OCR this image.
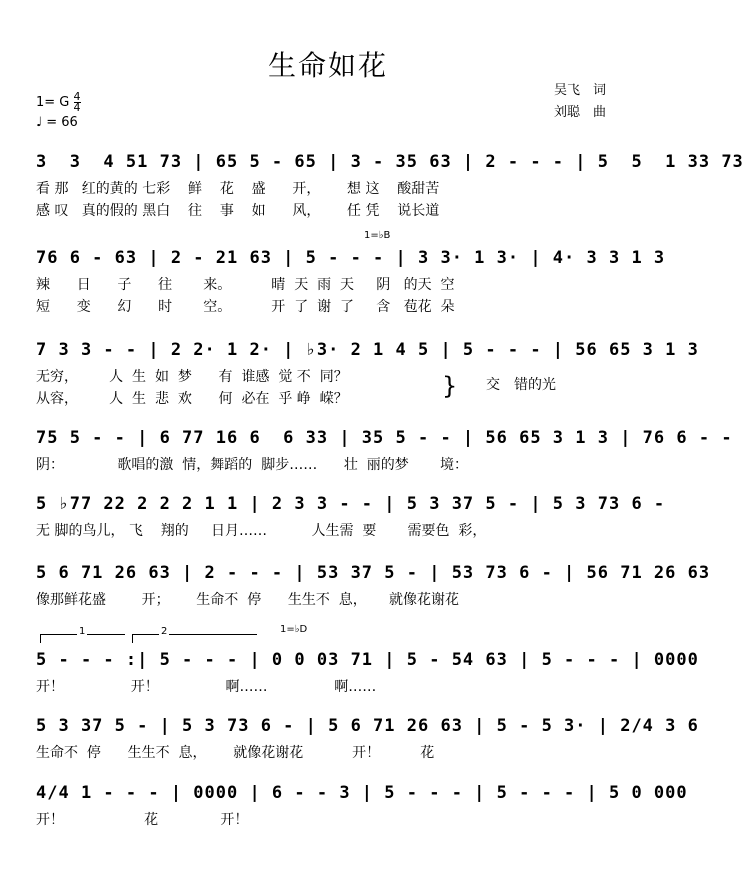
生命如花
1= G $\frac{4}{4}$
♩ = 66
吴飞　词
刘聪　曲
3  3  4 51 73 | 65 5 - 65 | 3 - 35 63 | 2 - - - | 5  5  1 33 73
看 那   红的黄的 七彩    鲜    花    盛      开，      想 这    酸甜苦
感 叹   真的假的 黑白    往    事    如      风，      任 凭    说长道
1=♭B
76 6 - 63 | 2 - 21 63 | 5 - - - | 3 3· 1 3· | 4· 3 3 1 3
辣      日      子      往       来。         晴  天  雨  天     阴   的天  空
短      变      幻      时       空。         开  了  谢  了     含   苞花  朵
7 3 3 - - | 2 2· 1 2· | ♭3· 2 1 4 5 | 5 - - - | 56 65 3 1 3
无穷，       人  生  如  梦      有  谁感  觉 不  同？
从容，       人  生  悲  欢      何  必在  乎 峥  嵘？	} 交　错的光
75 5 - - | 6 77 16 6  6 33 | 35 5 - - | 56 65 3 1 3 | 76 6 - -
阴：            歌唱的激  情，舞蹈的  脚步……      壮  丽的梦       境：
5 ♭77 22 2 2 2 1 1 | 2 3 3 - - | 5 3 37 5 - | 5 3 73 6 -
无 脚的鸟儿， 飞    翔的     日月……          人生需  要       需要色  彩，
5 6 71 26 63 | 2 - - - | 53 37 5 - | 53 73 6 - | 56 71 26 63
像那鲜花盛        开；      生命不  停      生生不  息，     就像花谢花
1	2	1=♭D
5 - - - :| 5 - - - | 0 0 03 71 | 5 - 54 63 | 5 - - - | 0000
开！               开！               啊……               啊……
5 3 37 5 - | 5 3 73 6 - | 5 6 71 26 63 | 5 - 5 3· | 2/4 3 6
生命不  停      生生不  息，      就像花谢花           开！         花
4/4 1 - - - | 0000 | 6 - - 3 | 5 - - - | 5 - - - | 5 0 000
开！                  花              开！
